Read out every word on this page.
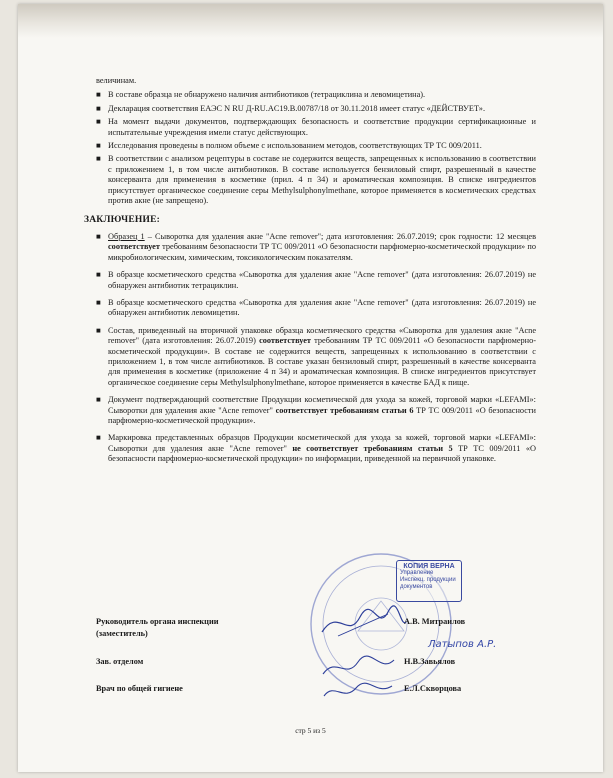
величинам.
■ В составе образца не обнаружено наличия антибиотиков (тетрациклина и левомицетина).
■ Декларация соответствия ЕАЭС N RU Д-RU.AC19.B.00787/18 от 30.11.2018 имеет статус «ДЕЙСТВУЕТ».
■ На момент выдачи документов, подтверждающих безопасность и соответствие продукции сертификационные и испытательные учреждения имели статус действующих.
■ Исследования проведены в полном объеме с использованием методов, соответствующих ТР ТС 009/2011.
■ В соответствии с анализом рецептуры в составе не содержится веществ, запрещенных к использованию в соответствии с приложением 1, в том числе антибиотиков. В составе используется бензиловый спирт, разрешенный в качестве консерванта для применения в косметике (прил. 4 п 34) и ароматическая композиция. В списке ингредиентов присутствует органическое соединение серы Methylsulphonylmethane, которое применяется в косметических средствах против акне (не запрещено).
ЗАКЛЮЧЕНИЕ:
■ Образец 1 – Сыворотка для удаления акне "Acne remover"; дата изготовления: 26.07.2019; срок годности: 12 месяцев соответствует требованиям безопасности ТР ТС 009/2011 «О безопасности парфюмерно-косметической продукции» по микробиологическим, химическим, токсикологическим показателям.
■ В образце косметического средства «Сыворотка для удаления акне "Acne remover" (дата изготовления: 26.07.2019) не обнаружен антибиотик тетрациклин.
■ В образце косметического средства «Сыворотка для удаления акне "Acne remover" (дата изготовления: 26.07.2019) не обнаружен антибиотик левомицетин.
■ Состав, приведенный на вторичной упаковке образца косметического средства «Сыворотка для удаления акне "Acne remover" (дата изготовления: 26.07.2019) соответствует требованиям ТР ТС 009/2011 «О безопасности парфюмерно-косметической продукции». В составе не содержится веществ, запрещенных к использованию в соответствии с приложением 1, в том числе антибиотиков. В составе указан бензиловый спирт, разрешенный в качестве консерванта для применения в косметике (приложение 4 п 34) и ароматическая композиция. В списке ингредиентов присутствует органическое соединение серы Methylsulphonylmethane, которое применяется в качестве БАД к пище.
■ Документ подтверждающий соответствие Продукции косметической для ухода за кожей, торговой марки «LEFAMI»: Сыворотки для удаления акне "Acne remover" соответствует требованиям статьи 6 ТР ТС 009/2011 «О безопасности парфюмерно-косметической продукции».
■ Маркировка представленных образцов Продукции косметической для ухода за кожей, торговой марки «LEFAMI»: Сыворотки для удаления акне "Acne remover" не соответствует требованиям статьи 5 ТР ТС 009/2011 «О безопасности парфюмерно-косметической продукции» по информации, приведенной на первичной упаковке.
КОПИЯ ВЕРНА
Управление Инспекц. продукции
документов
Латыпов А.Р.
Руководитель органа инспекции
(заместитель)
А.В. Митраилов
Зав. отделом	Н.В.Завьялов
Врач по общей гигиене	Е.Л.Скворцова
стр 5 из 5
